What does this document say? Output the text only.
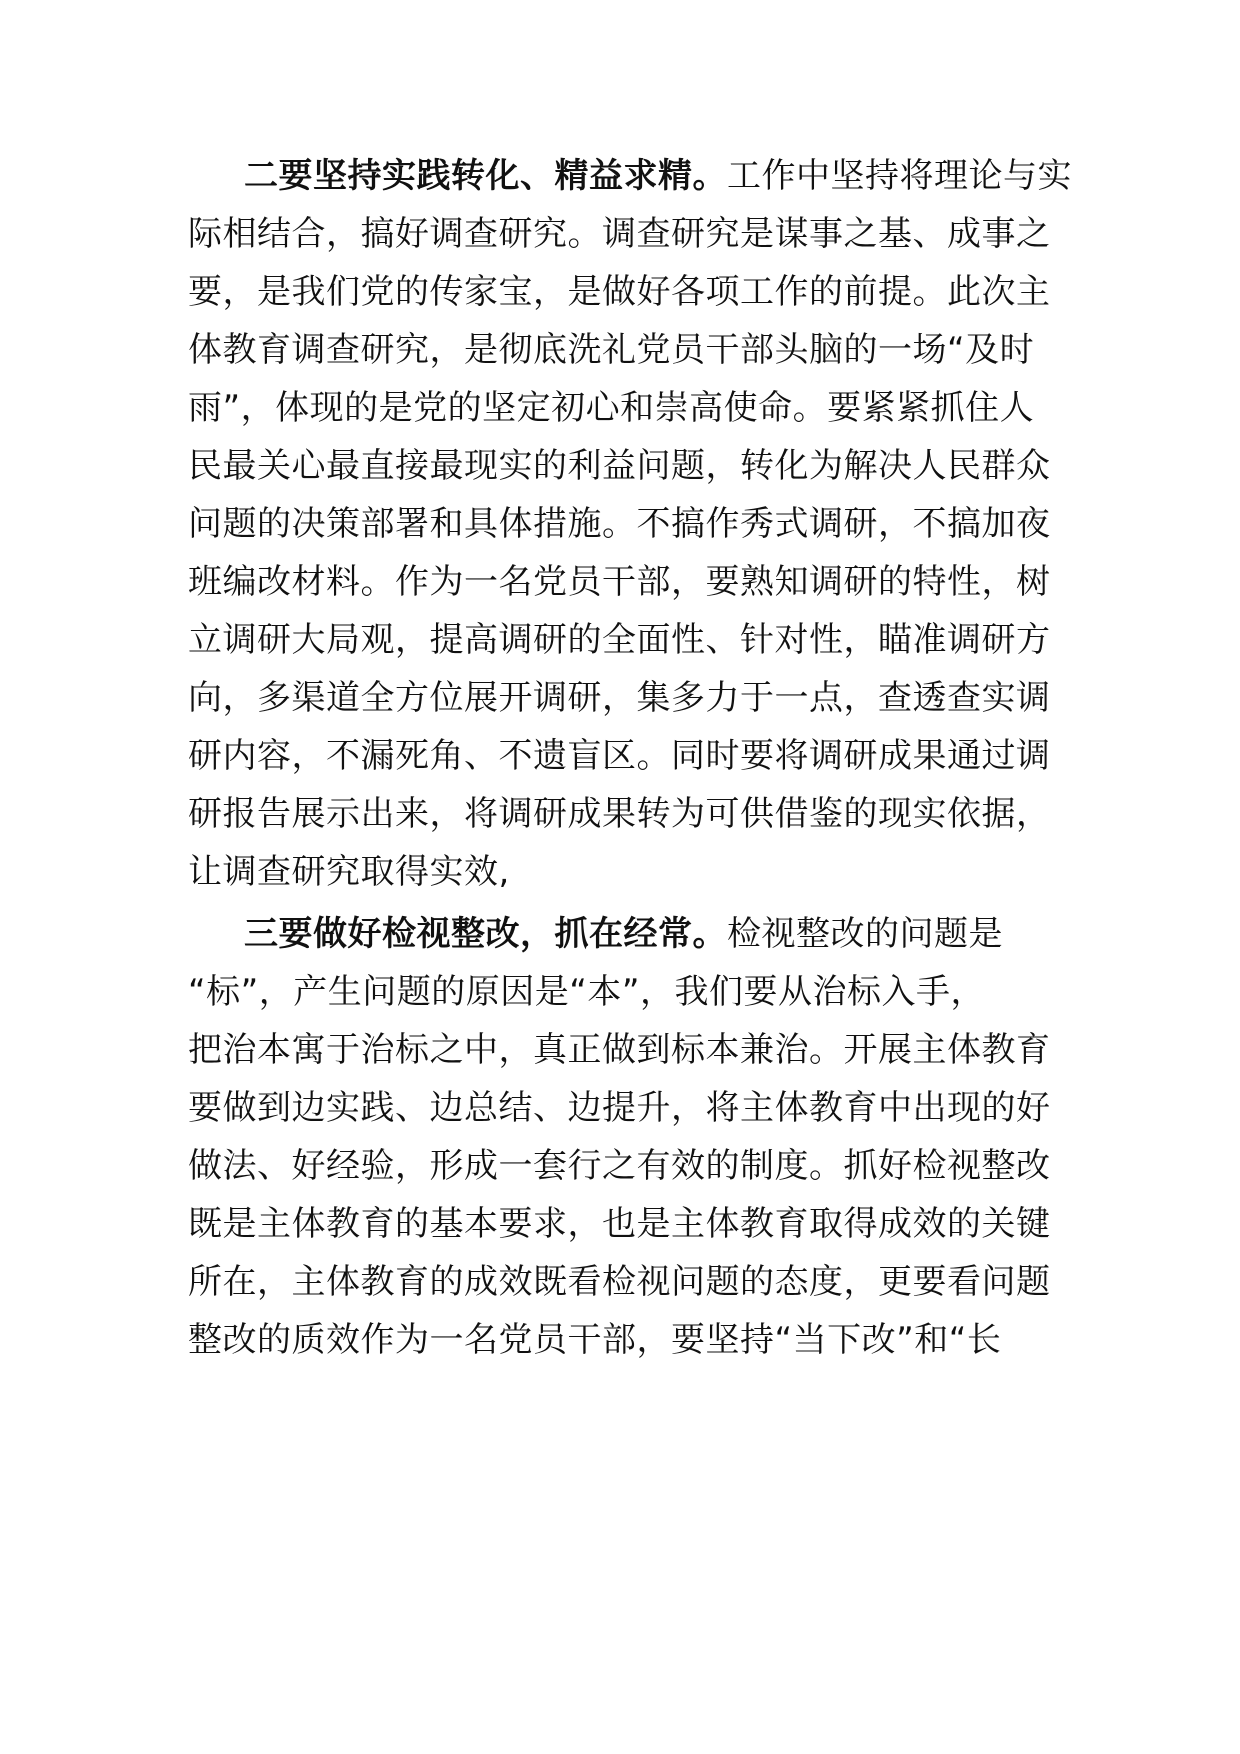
二要坚持实践转化、精益求精。工作中坚持将理论与实
际相结合，搞好调查研究。调查研究是谋事之基、成事之
要，是我们党的传家宝，是做好各项工作的前提。此次主
体教育调查研究，是彻底洗礼党员干部头脑的一场“及时
雨”，体现的是党的坚定初心和崇高使命。要紧紧抓住人
民最关心最直接最现实的利益问题，转化为解决人民群众
问题的决策部署和具体措施。不搞作秀式调研，不搞加夜
班编改材料。作为一名党员干部，要熟知调研的特性，树
立调研大局观，提高调研的全面性、针对性，瞄准调研方
向，多渠道全方位展开调研，集多力于一点，查透查实调
研内容，不漏死角、不遗盲区。同时要将调研成果通过调
研报告展示出来，将调研成果转为可供借鉴的现实依据，
让调查研究取得实效,
三要做好检视整改，抓在经常。检视整改的问题是
“标”，产生问题的原因是“本”，我们要从治标入手，
把治本寓于治标之中，真正做到标本兼治。开展主体教育
要做到边实践、边总结、边提升，将主体教育中出现的好
做法、好经验，形成一套行之有效的制度。抓好检视整改
既是主体教育的基本要求，也是主体教育取得成效的关键
所在，主体教育的成效既看检视问题的态度，更要看问题
整改的质效作为一名党员干部，要坚持“当下改”和“长
